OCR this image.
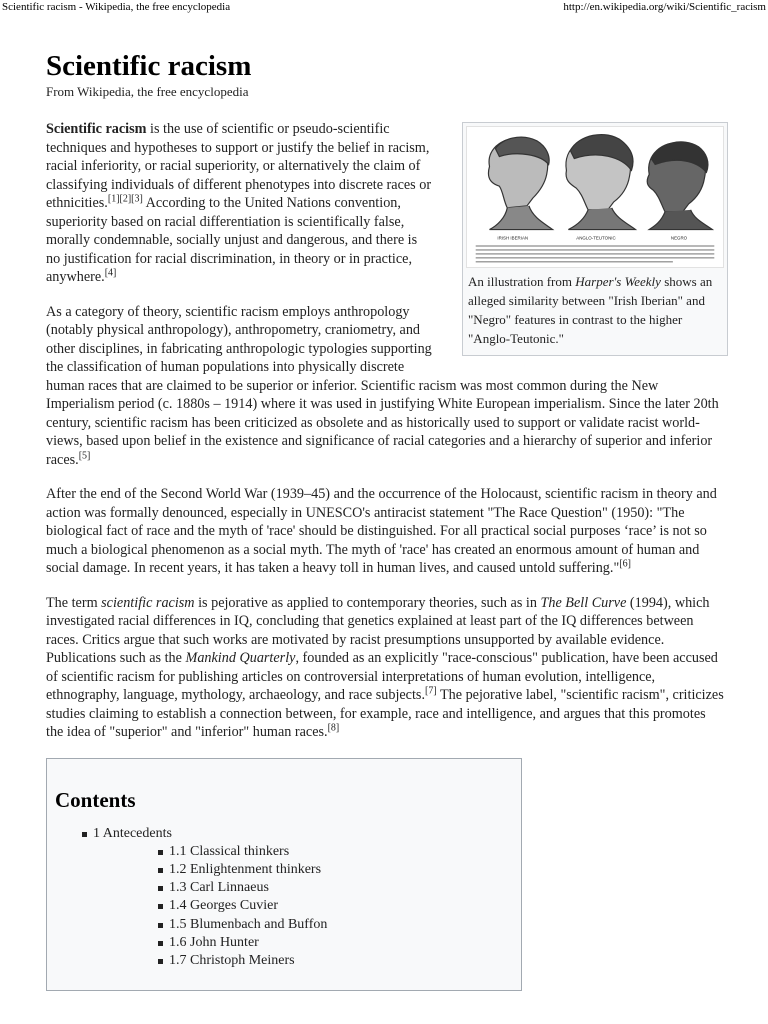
Scientific racism - Wikipedia, the free encyclopedia	http://en.wikipedia.org/wiki/Scientific_racism
Scientific racism
From Wikipedia, the free encyclopedia
IRISH IBERIAN	ANGLO-TEUTONIC	NEGRO
An illustration from Harper's Weekly shows an alleged similarity between "Irish Iberian" and "Negro" features in contrast to the higher "Anglo-Teutonic."

Scientific racism is the use of scientific or pseudo-scientific techniques and hypotheses to support or justify the belief in racism, racial inferiority, or racial superiority, or alternatively the claim of classifying individuals of different phenotypes into discrete races or ethnicities.[1][2][3] According to the United Nations convention, superiority based on racial differentiation is scientifically false, morally condemnable, socially unjust and dangerous, and there is no justification for racial discrimination, in theory or in practice, anywhere.[4]

As a category of theory, scientific racism employs anthropology (notably physical anthropology), anthropometry, craniometry, and other disciplines, in fabricating anthropologic typologies supporting the classification of human populations into physically discrete human races that are claimed to be superior or inferior. Scientific racism was most common during the New Imperialism period (c. 1880s – 1914) where it was used in justifying White European imperialism. Since the later 20th century, scientific racism has been criticized as obsolete and as historically used to support or validate racist world-views, based upon belief in the existence and significance of racial categories and a hierarchy of superior and inferior races.[5]

After the end of the Second World War (1939–45) and the occurrence of the Holocaust, scientific racism in theory and action was formally denounced, especially in UNESCO's antiracist statement "The Race Question" (1950): "The biological fact of race and the myth of 'race' should be distinguished. For all practical social purposes ‘race’ is not so much a biological phenomenon as a social myth. The myth of 'race' has created an enormous amount of human and social damage. In recent years, it has taken a heavy toll in human lives, and caused untold suffering."[6]

The term scientific racism is pejorative as applied to contemporary theories, such as in The Bell Curve (1994), which investigated racial differences in IQ, concluding that genetics explained at least part of the IQ differences between races. Critics argue that such works are motivated by racist presumptions unsupported by available evidence. Publications such as the Mankind Quarterly, founded as an explicitly "race-conscious" publication, have been accused of scientific racism for publishing articles on controversial interpretations of human evolution, intelligence, ethnography, language, mythology, archaeology, and race subjects.[7] The pejorative label, "scientific racism", criticizes studies claiming to establish a connection between, for example, race and intelligence, and argues that this promotes the idea of "superior" and "inferior" human races.[8]

Contents
1 Antecedents
1.1 Classical thinkers
1.2 Enlightenment thinkers
1.3 Carl Linnaeus
1.4 Georges Cuvier
1.5 Blumenbach and Buffon
1.6 John Hunter
1.7 Christoph Meiners
